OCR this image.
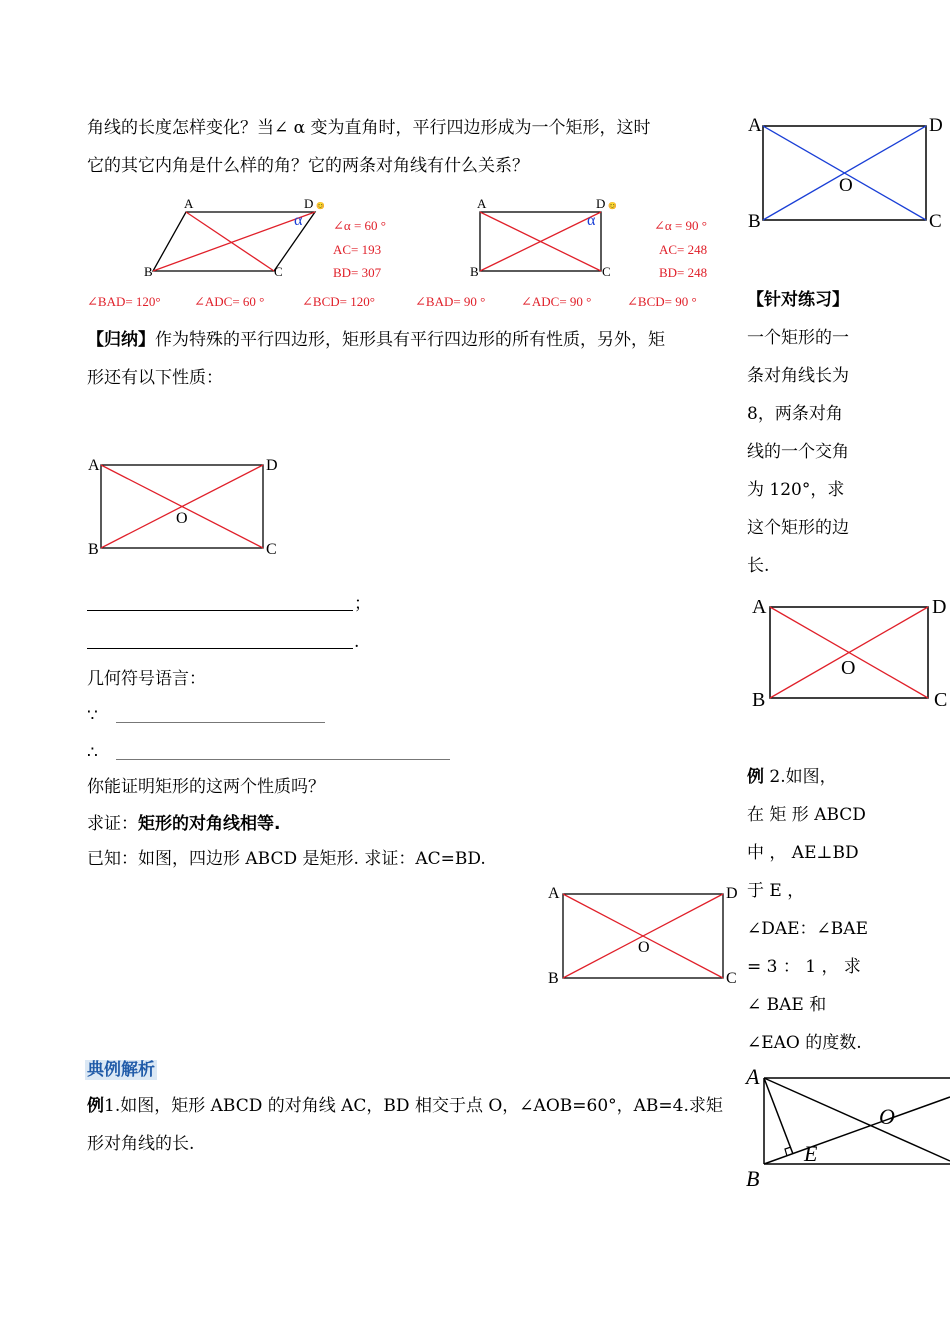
角线的长度怎样变化？当∠ α 变为直角时，平行四边形成为一个矩形，这时
它的其它内角是什么样的角？它的两条对角线有什么关系？
A	D
B	C
O
A	D
B	C
α
😊
∠α = 60 °
AC= 193
BD= 307
A	D
B	C
α
😊
∠α = 90 °
AC= 248
BD= 248
∠BAD= 120°	∠ADC= 60 °	∠BCD= 120°	∠BAD= 90 °	∠ADC= 90 °	∠BCD= 90 °
【归纳】作为特殊的平行四边形，矩形具有平行四边形的所有性质，另外，矩
形还有以下性质：
A	D
B	C
O
；
.
几何符号语言：
∵
∴
你能证明矩形的这两个性质吗？
求证：矩形的对角线相等.
已知：如图，四边形 ABCD 是矩形. 求证：AC=BD.
A	D
B	C
O
典例解析
例1.如图，矩形 ABCD 的对角线 AC，BD 相交于点 O，∠AOB=60°，AB=4.求矩
形对角线的长.
【针对练习】
一个矩形的一
条对角线长为
8，两条对角
线的一个交角
为 120°，求
这个矩形的边
长.
A	D
B	C
O
例 2.如图，
在 矩 形 ABCD
中 ， AE⊥BD
于 E ，
∠DAE：∠BAE
= 3 ： 1 ， 求
∠ BAE 和
∠EAO 的度数.
A
B
O
E
